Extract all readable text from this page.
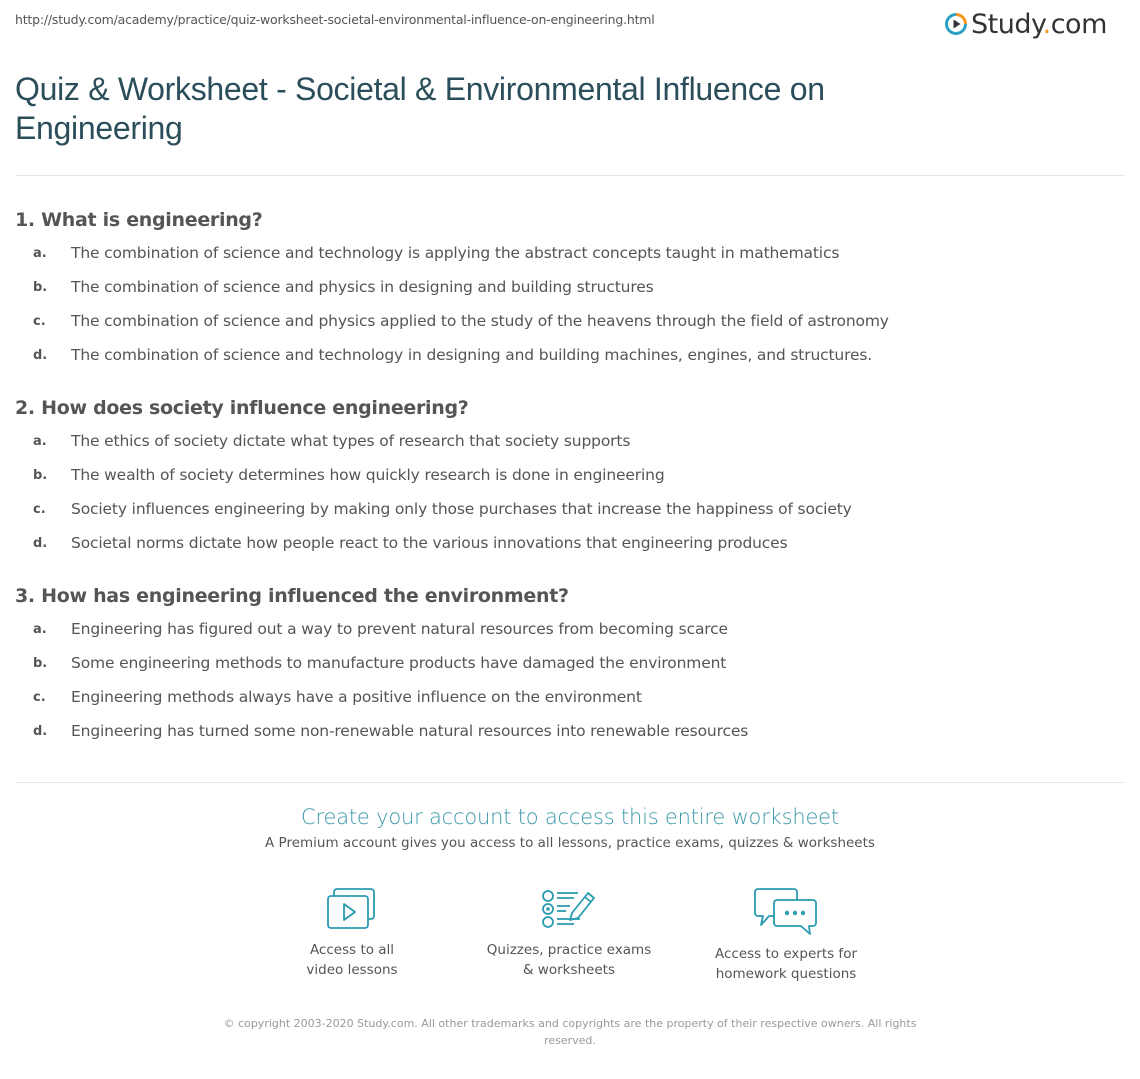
http://study.com/academy/practice/quiz-worksheet-societal-environmental-influence-on-engineering.html	Study.com
Quiz & Worksheet - Societal & Environmental Influence on Engineering
1. What is engineering?
a.	The combination of science and technology is applying the abstract concepts taught in mathematics
b.	The combination of science and physics in designing and building structures
c.	The combination of science and physics applied to the study of the heavens through the field of astronomy
d.	The combination of science and technology in designing and building machines, engines, and structures.
2. How does society influence engineering?
a.	The ethics of society dictate what types of research that society supports
b.	The wealth of society determines how quickly research is done in engineering
c.	Society influences engineering by making only those purchases that increase the happiness of society
d.	Societal norms dictate how people react to the various innovations that engineering produces
3. How has engineering influenced the environment?
a.	Engineering has figured out a way to prevent natural resources from becoming scarce
b.	Some engineering methods to manufacture products have damaged the environment
c.	Engineering methods always have a positive influence on the environment
d.	Engineering has turned some non-renewable natural resources into renewable resources
Create your account to access this entire worksheet
A Premium account gives you access to all lessons, practice exams, quizzes & worksheets
Access to all
video lessons
Quizzes, practice exams
& worksheets
Access to experts for
homework questions
© copyright 2003-2020 Study.com. All other trademarks and copyrights are the property of their respective owners. All rights
reserved.
